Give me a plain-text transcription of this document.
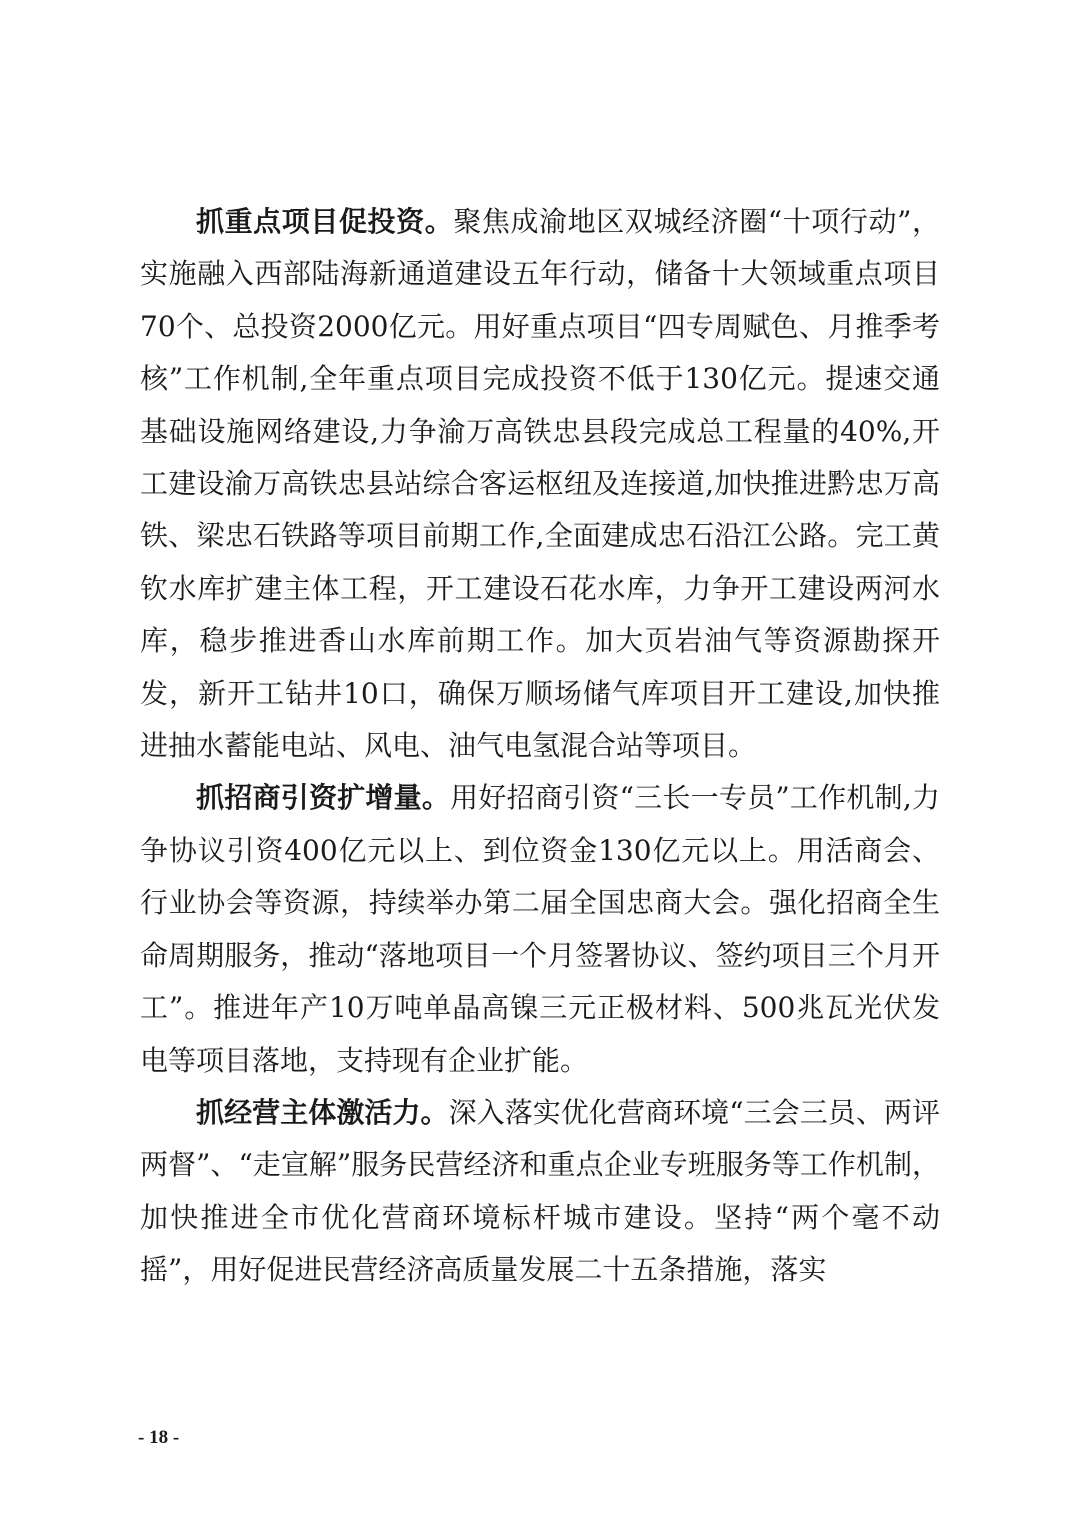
抓重点项目促投资。聚焦成渝地区双城经济圈“十项行动”，实施融入西部陆海新通道建设五年行动，储备十大领域重点项目70个、总投资2000亿元。用好重点项目“四专周赋色、月推季考核”工作机制,全年重点项目完成投资不低于130亿元。提速交通基础设施网络建设,力争渝万高铁忠县段完成总工程量的40%,开工建设渝万高铁忠县站综合客运枢纽及连接道,加快推进黔忠万高铁、梁忠石铁路等项目前期工作,全面建成忠石沿江公路。完工黄钦水库扩建主体工程，开工建设石花水库，力争开工建设两河水库，稳步推进香山水库前期工作。加大页岩油气等资源勘探开发，新开工钻井10口，确保万顺场储气库项目开工建设,加快推进抽水蓄能电站、风电、油气电氢混合站等项目。

抓招商引资扩增量。用好招商引资“三长一专员”工作机制,力争协议引资400亿元以上、到位资金130亿元以上。用活商会、行业协会等资源，持续举办第二届全国忠商大会。强化招商全生命周期服务，推动“落地项目一个月签署协议、签约项目三个月开工”。推进年产10万吨单晶高镍三元正极材料、500兆瓦光伏发电等项目落地，支持现有企业扩能。

抓经营主体激活力。深入落实优化营商环境“三会三员、两评两督”、“走宣解”服务民营经济和重点企业专班服务等工作机制，加快推进全市优化营商环境标杆城市建设。坚持“两个毫不动摇”，用好促进民营经济高质量发展二十五条措施，落实

- 18 -
